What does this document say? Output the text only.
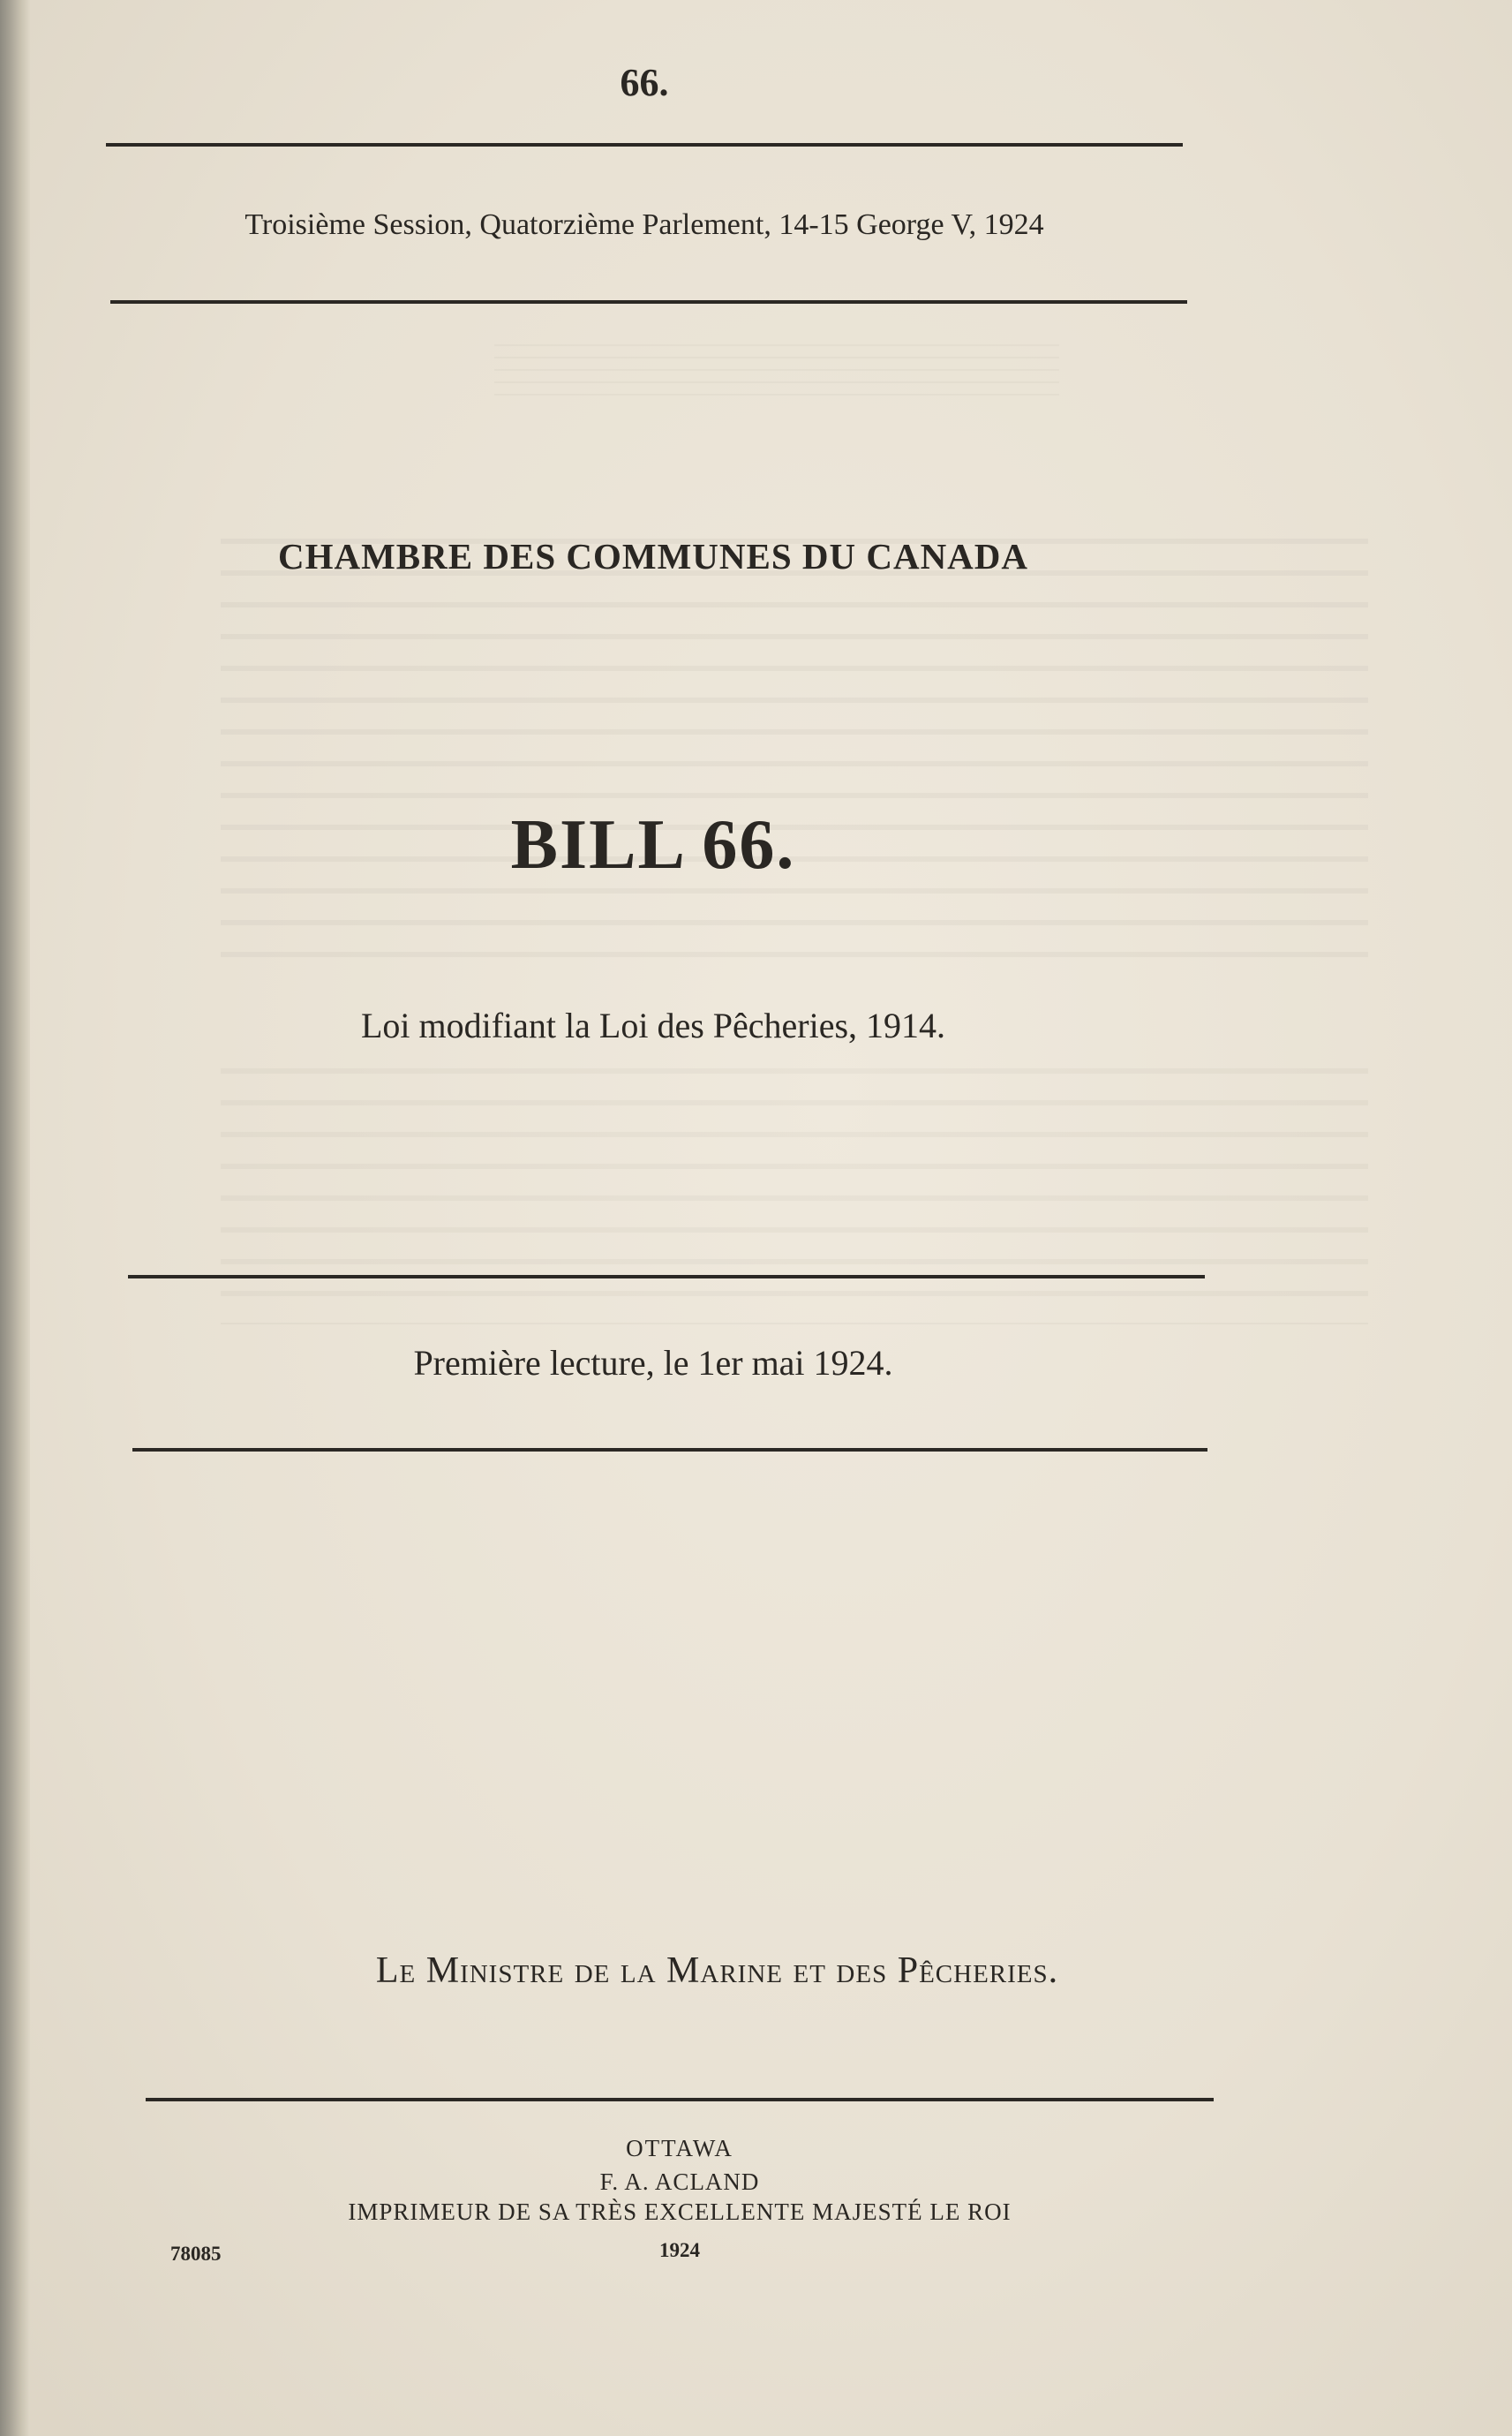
66.
Troisième Session, Quatorzième Parlement, 14-15 George V, 1924
CHAMBRE DES COMMUNES DU CANADA
BILL 66.
Loi modifiant la Loi des Pêcheries, 1914.
Première lecture, le 1er mai 1924.
Le Ministre de la Marine et des Pêcheries.
OTTAWA
F. A. ACLAND
IMPRIMEUR DE SA TRÈS EXCELLENTE MAJESTÉ LE ROI
1924
78085
